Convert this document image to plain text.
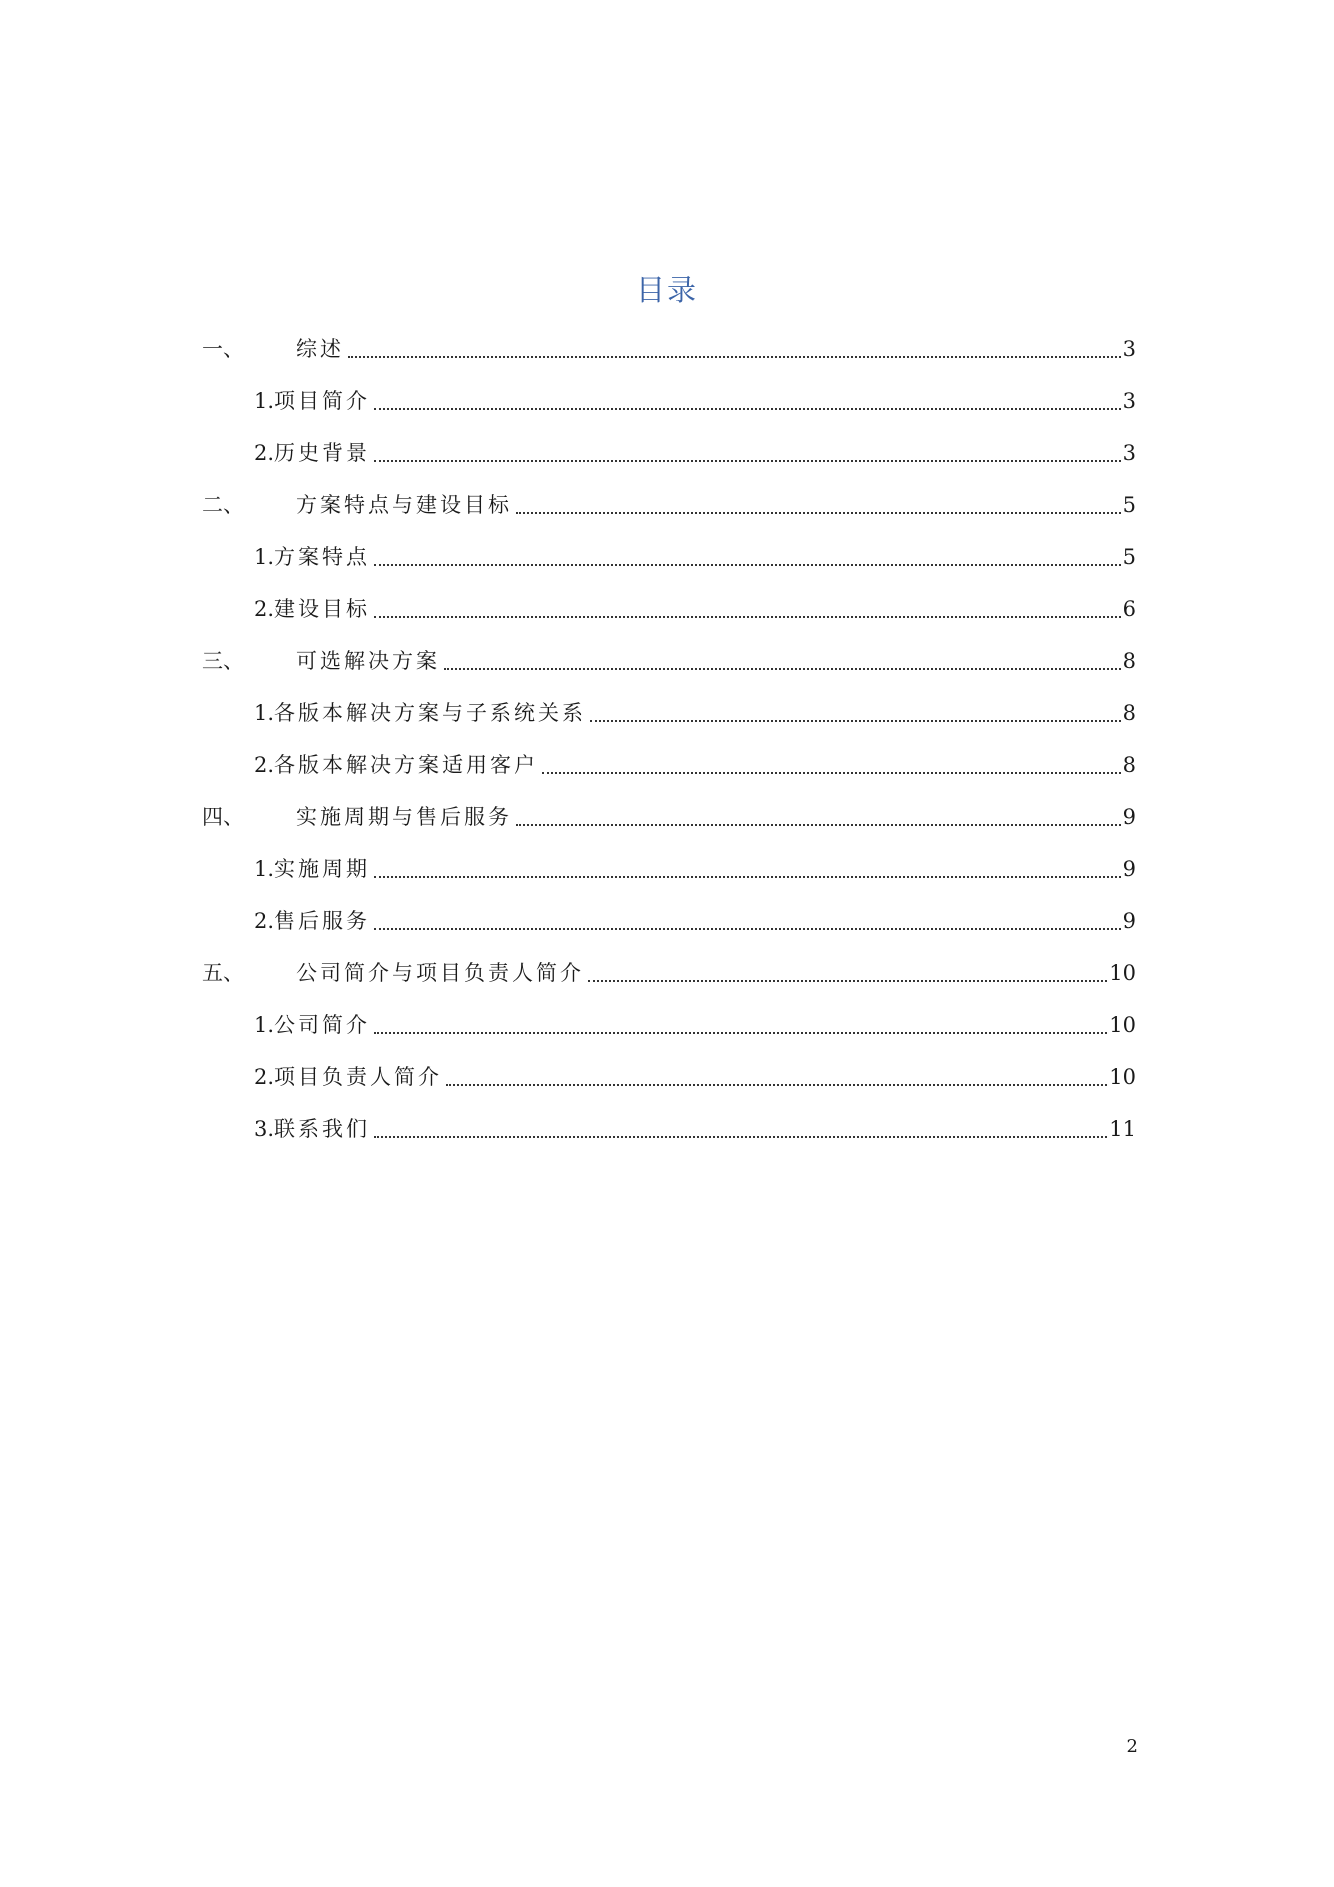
目录
一、	综述	3
1. 项目简介	3
2. 历史背景	3
二、	方案特点与建设目标	5
1. 方案特点	5
2. 建设目标	6
三、	可选解决方案	8
1. 各版本解决方案与子系统关系	8
2. 各版本解决方案适用客户	8
四、	实施周期与售后服务	9
1. 实施周期	9
2. 售后服务	9
五、	公司简介与项目负责人简介	10
1. 公司简介	10
2. 项目负责人简介	10
3. 联系我们	11
2
